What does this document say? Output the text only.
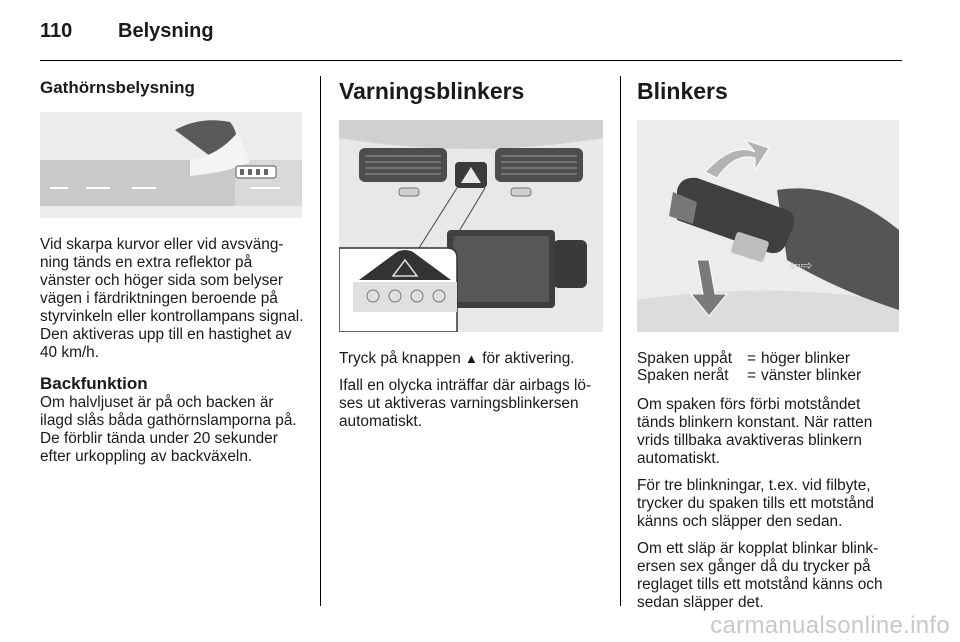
110 Belysning
Gathörnsbelysning

Vid skarpa kurvor eller vid avsvängning tänds en extra reflektor på vänster och höger sida som belyser vägen i färdriktningen beroende på styrvinkeln eller kontrollampans signal. Den aktiveras upp till en hastighet av 40 km/h.

Backfunktion

Om halvljuset är på och backen är ilagd slås båda gathörnslamporna på. De förblir tända under 20 sekunder efter urkoppling av backväxeln.

Varningsblinkers

Tryck på knappen ▲ för aktivering.

Ifall en olycka inträffar där airbags löses ut aktiveras varningsblinkersen automatiskt.

Blinkers
⇦⇨
Spaken uppåt	=	höger blinker
Spaken neråt	=	vänster blinker

Om spaken förs förbi motståndet tänds blinkern konstant. När ratten vrids tillbaka avaktiveras blinkern automatiskt.

För tre blinkningar, t.ex. vid filbyte, trycker du spaken tills ett motstånd känns och släpper den sedan.

Om ett släp är kopplat blinkar blinkersen sex gånger då du trycker på reglaget tills ett motstånd känns och sedan släpper det.

carmanualsonline.info
